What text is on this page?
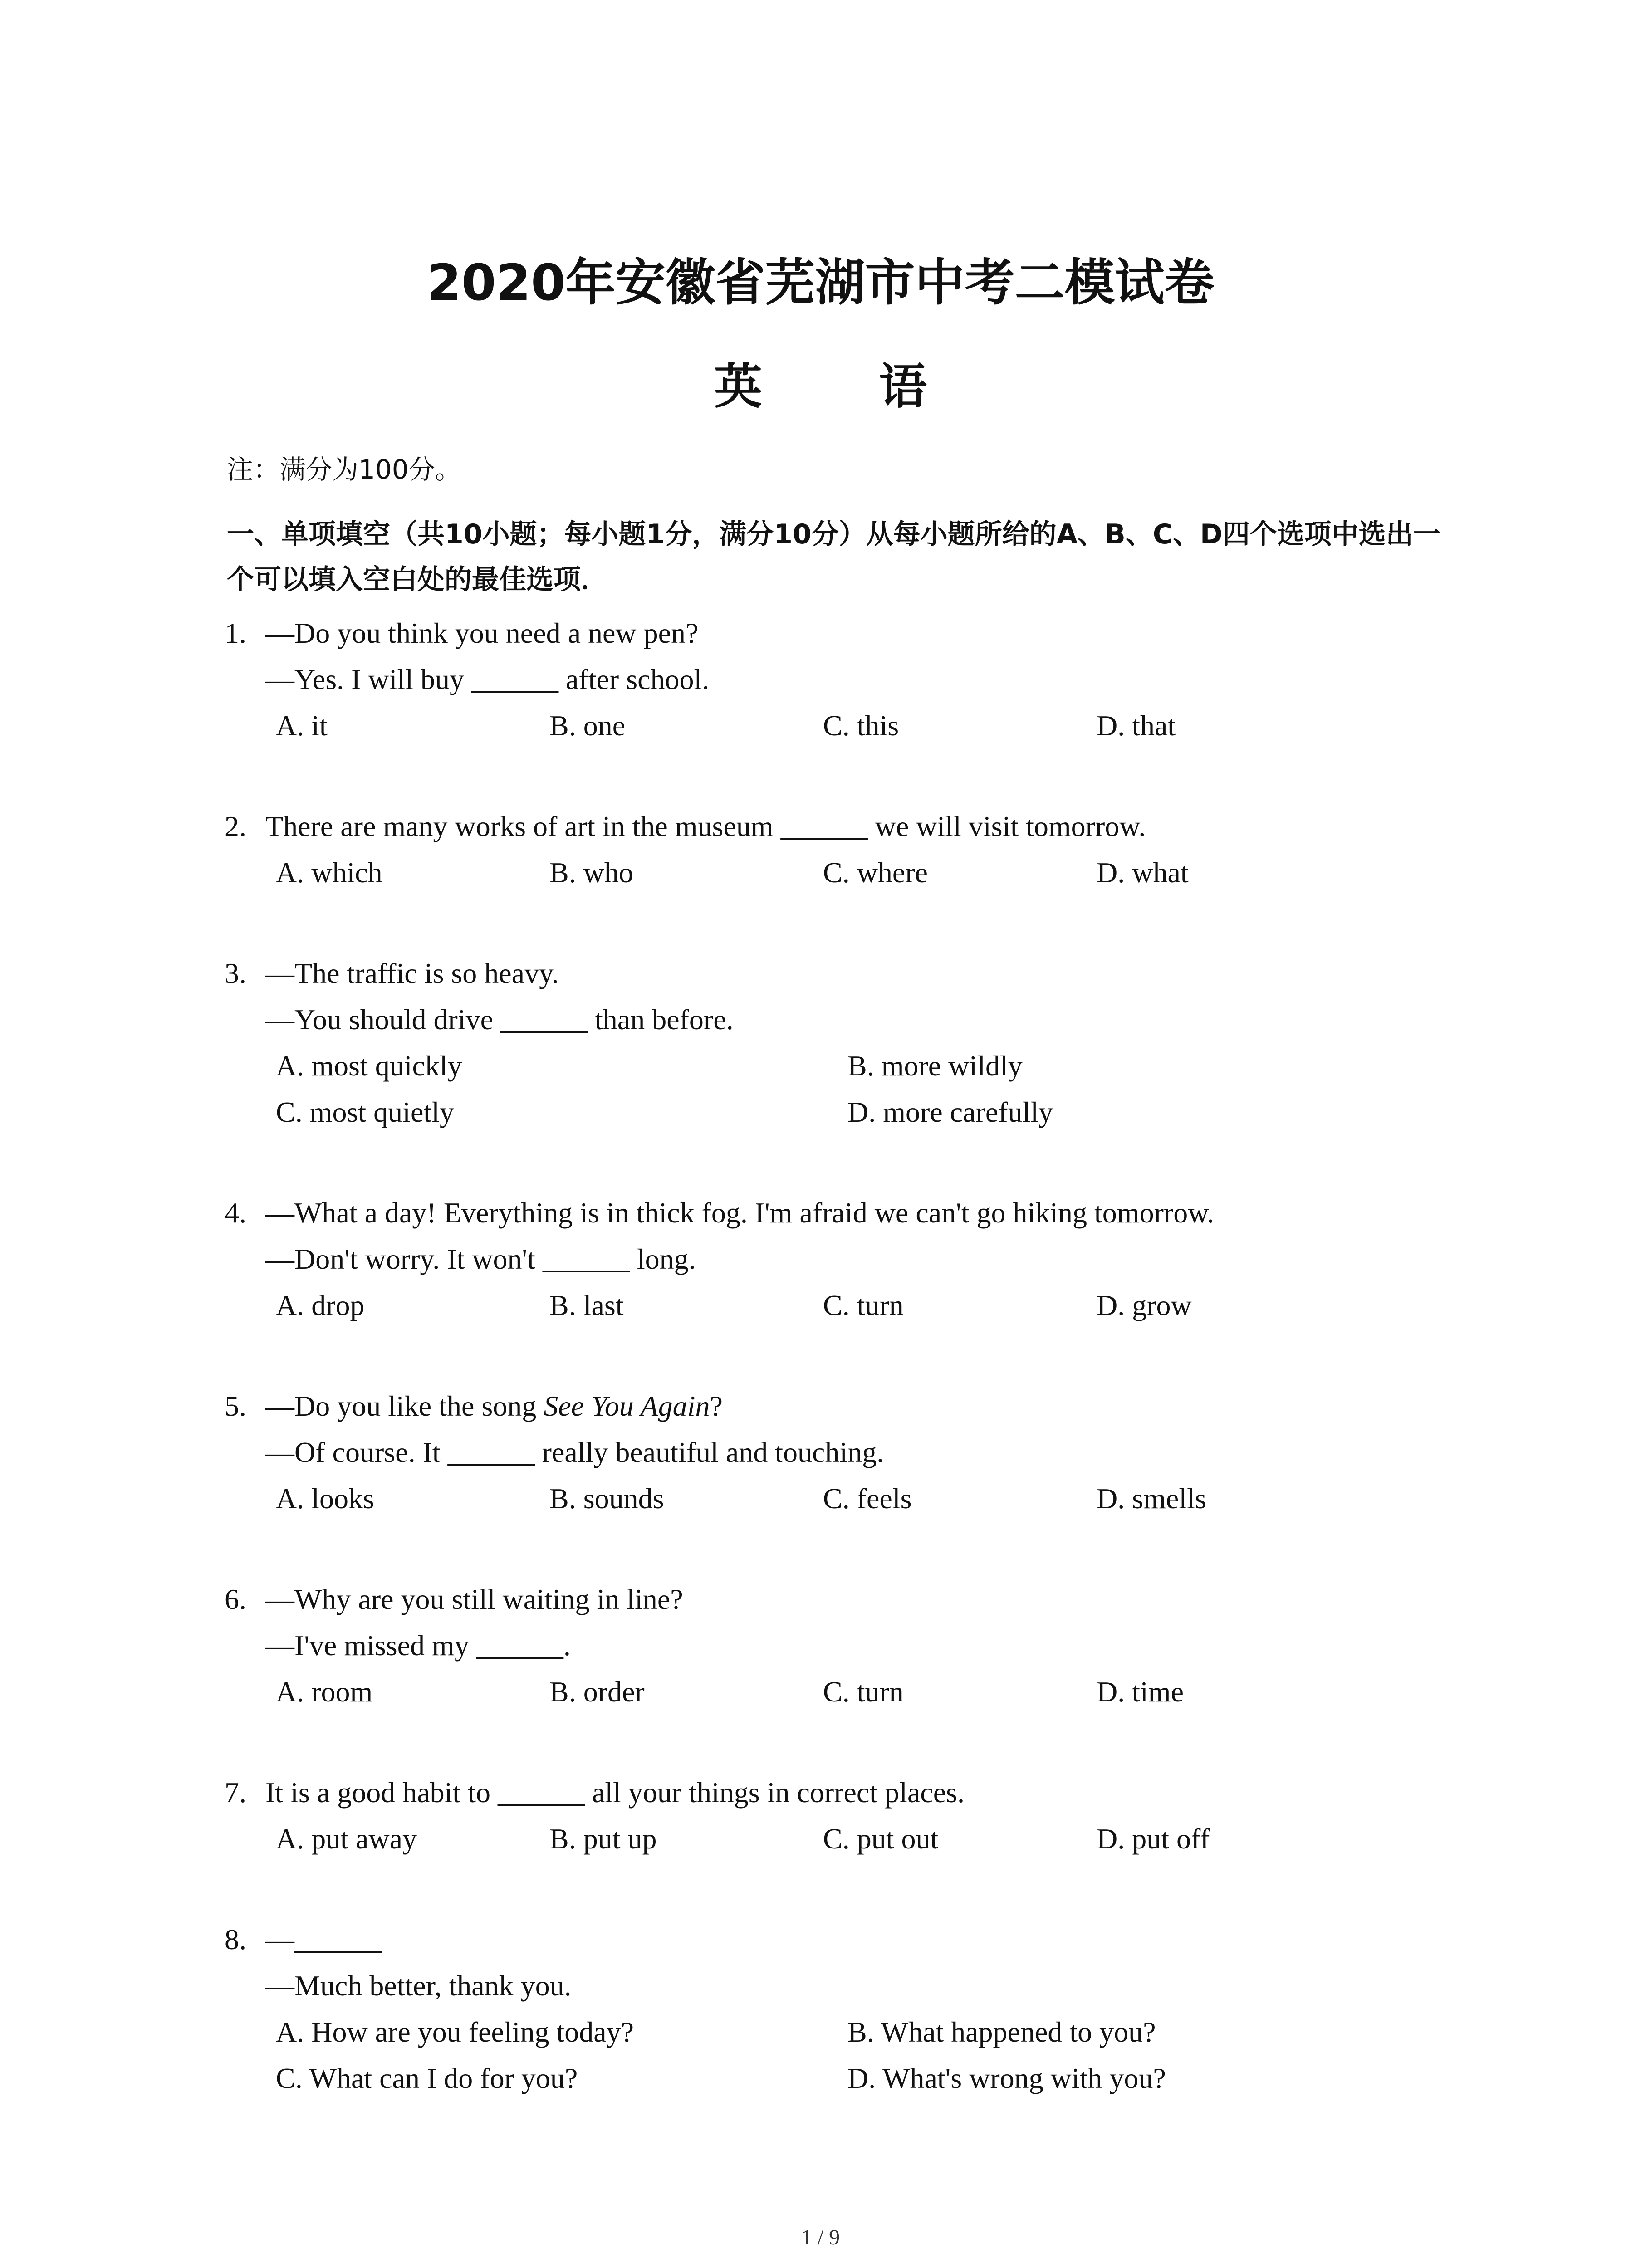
2020年安徽省芜湖市中考二模试卷
英 语
注：满分为100分。
一、单项填空（共10小题；每小题1分，满分10分）从每小题所给的A、B、C、D四个选项中选出一个可以填入空白处的最佳选项．
1. —Do you think you need a new pen?
—Yes. I will buy ______ after school.
A. it	B. one	C. this	D. that
2. There are many works of art in the museum ______ we will visit tomorrow.
A. which	B. who	C. where	D. what
3. —The traffic is so heavy.
—You should drive ______ than before.
A. most quickly	B. more wildly
C. most quietly	D. more carefully
4. —What a day! Everything is in thick fog. I'm afraid we can't go hiking tomorrow.
—Don't worry. It won't ______ long.
A. drop	B. last	C. turn	D. grow
5. —Do you like the song See You Again?
—Of course. It ______ really beautiful and touching.
A. looks	B. sounds	C. feels	D. smells
6. —Why are you still waiting in line?
—I've missed my ______.
A. room	B. order	C. turn	D. time
7. It is a good habit to ______ all your things in correct places.
A. put away	B. put up	C. put out	D. put off
8. —______
—Much better, thank you.
A. How are you feeling today?	B. What happened to you?
C. What can I do for you?	D. What's wrong with you?
1 / 9
